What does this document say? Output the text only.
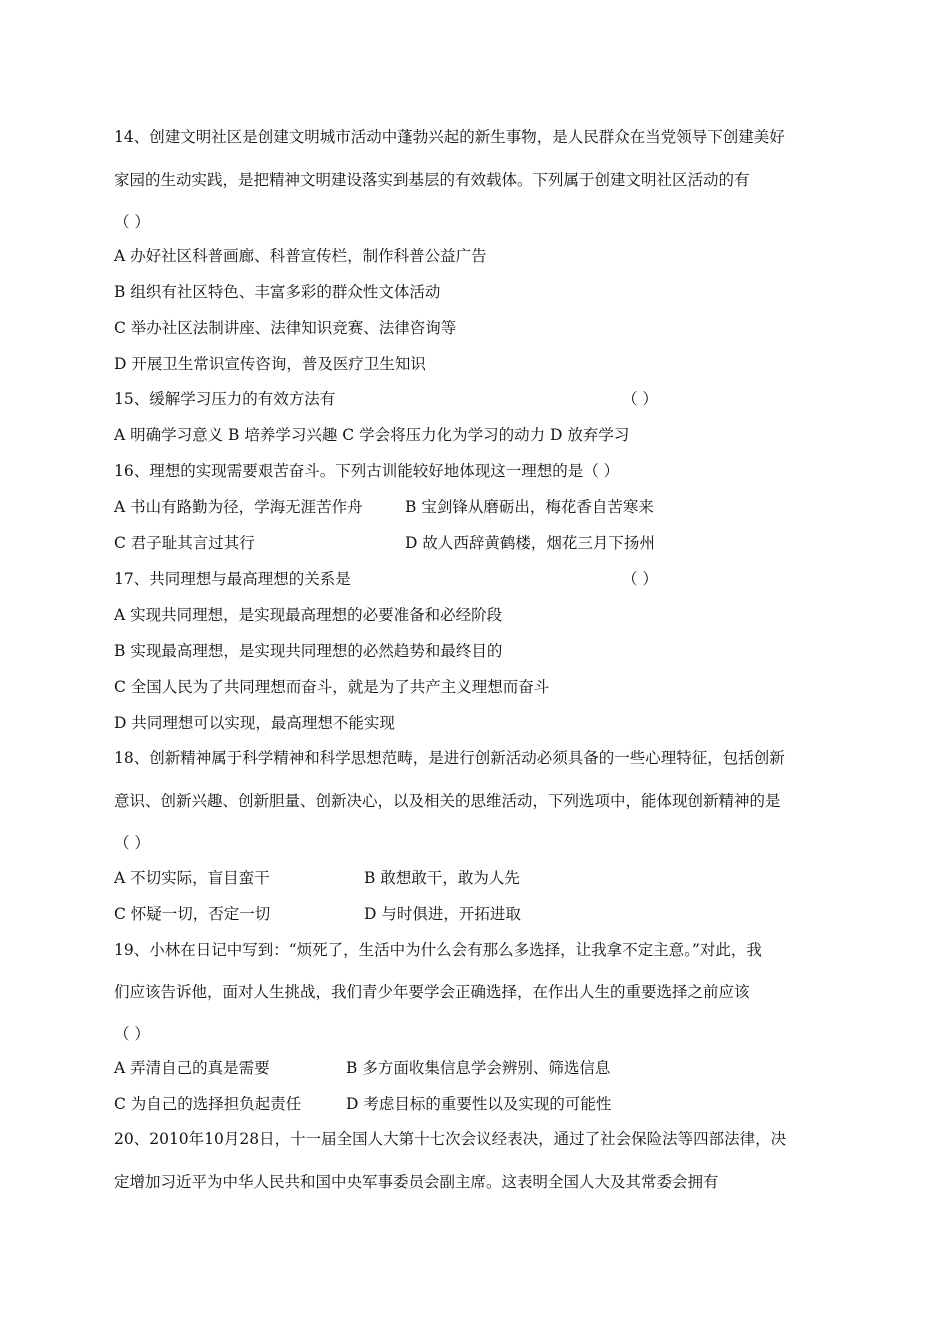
14、创建文明社区是创建文明城市活动中蓬勃兴起的新生事物，是人民群众在当党领导下创建美好
家园的生动实践，是把精神文明建设落实到基层的有效载体。下列属于创建文明社区活动的有
（ ）
A 办好社区科普画廊、科普宣传栏，制作科普公益广告
B 组织有社区特色、丰富多彩的群众性文体活动
C 举办社区法制讲座、法律知识竞赛、法律咨询等
D 开展卫生常识宣传咨询，普及医疗卫生知识
15、缓解学习压力的有效方法有	（ ）
A 明确学习意义 B 培养学习兴趣 C 学会将压力化为学习的动力 D 放弃学习
16、理想的实现需要艰苦奋斗。下列古训能较好地体现这一理想的是（ ）
A 书山有路勤为径，学海无涯苦作舟	B 宝剑锋从磨砺出，梅花香自苦寒来
C 君子耻其言过其行	D 故人西辞黄鹤楼，烟花三月下扬州
17、共同理想与最高理想的关系是	（ ）
A 实现共同理想，是实现最高理想的必要准备和必经阶段
B 实现最高理想，是实现共同理想的必然趋势和最终目的
C 全国人民为了共同理想而奋斗，就是为了共产主义理想而奋斗
D 共同理想可以实现，最高理想不能实现
18、创新精神属于科学精神和科学思想范畴，是进行创新活动必须具备的一些心理特征，包括创新
意识、创新兴趣、创新胆量、创新决心，以及相关的思维活动，下列选项中，能体现创新精神的是
（ ）
A 不切实际，盲目蛮干	B 敢想敢干，敢为人先
C 怀疑一切，否定一切	D 与时俱进，开拓进取
19、小林在日记中写到：“烦死了，生活中为什么会有那么多选择，让我拿不定主意。”对此，我
们应该告诉他，面对人生挑战，我们青少年要学会正确选择，在作出人生的重要选择之前应该
（ ）
A 弄清自己的真是需要	B 多方面收集信息学会辨别、筛选信息
C 为自己的选择担负起责任	D 考虑目标的重要性以及实现的可能性
20、2010年10月28日，十一届全国人大第十七次会议经表决，通过了社会保险法等四部法律，决
定增加习近平为中华人民共和国中央军事委员会副主席。这表明全国人大及其常委会拥有
